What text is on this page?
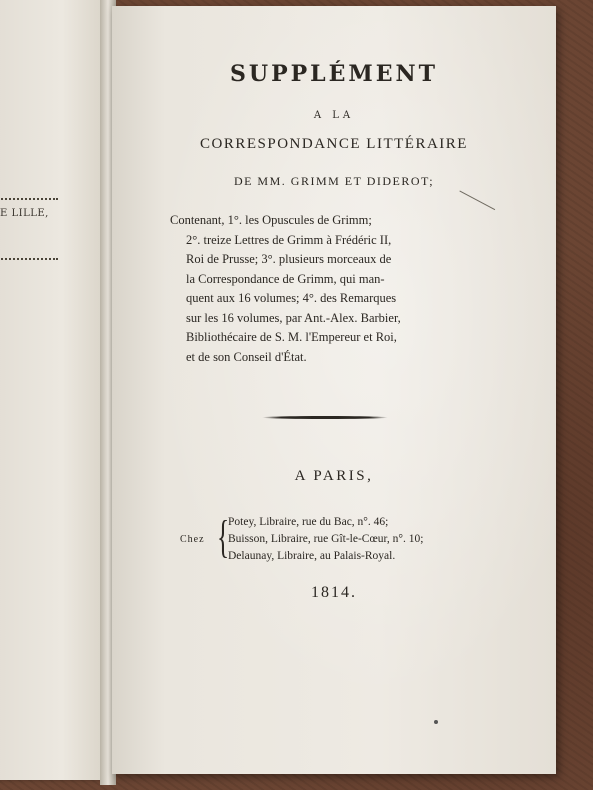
E LILLE,

SUPPLÉMENT
A LA
CORRESPONDANCE LITTÉRAIRE
DE MM. GRIMM ET DIDEROT;
Contenant, 1°. les Opuscules de Grimm;
2°. treize Lettres de Grimm à Frédéric II,
Roi de Prusse; 3°. plusieurs morceaux de
la Correspondance de Grimm, qui man-
quent aux 16 volumes; 4°. des Remarques
sur les 16 volumes, par Ant.-Alex. Barbier,
Bibliothécaire de S. M. l'Empereur et Roi,
et de son Conseil d'État.
A PARIS,
Chez {
Potey, Libraire, rue du Bac, n°. 46;
Buisson, Libraire, rue Gît-le-Cœur, n°. 10;
Delaunay, Libraire, au Palais-Royal.
1814.
